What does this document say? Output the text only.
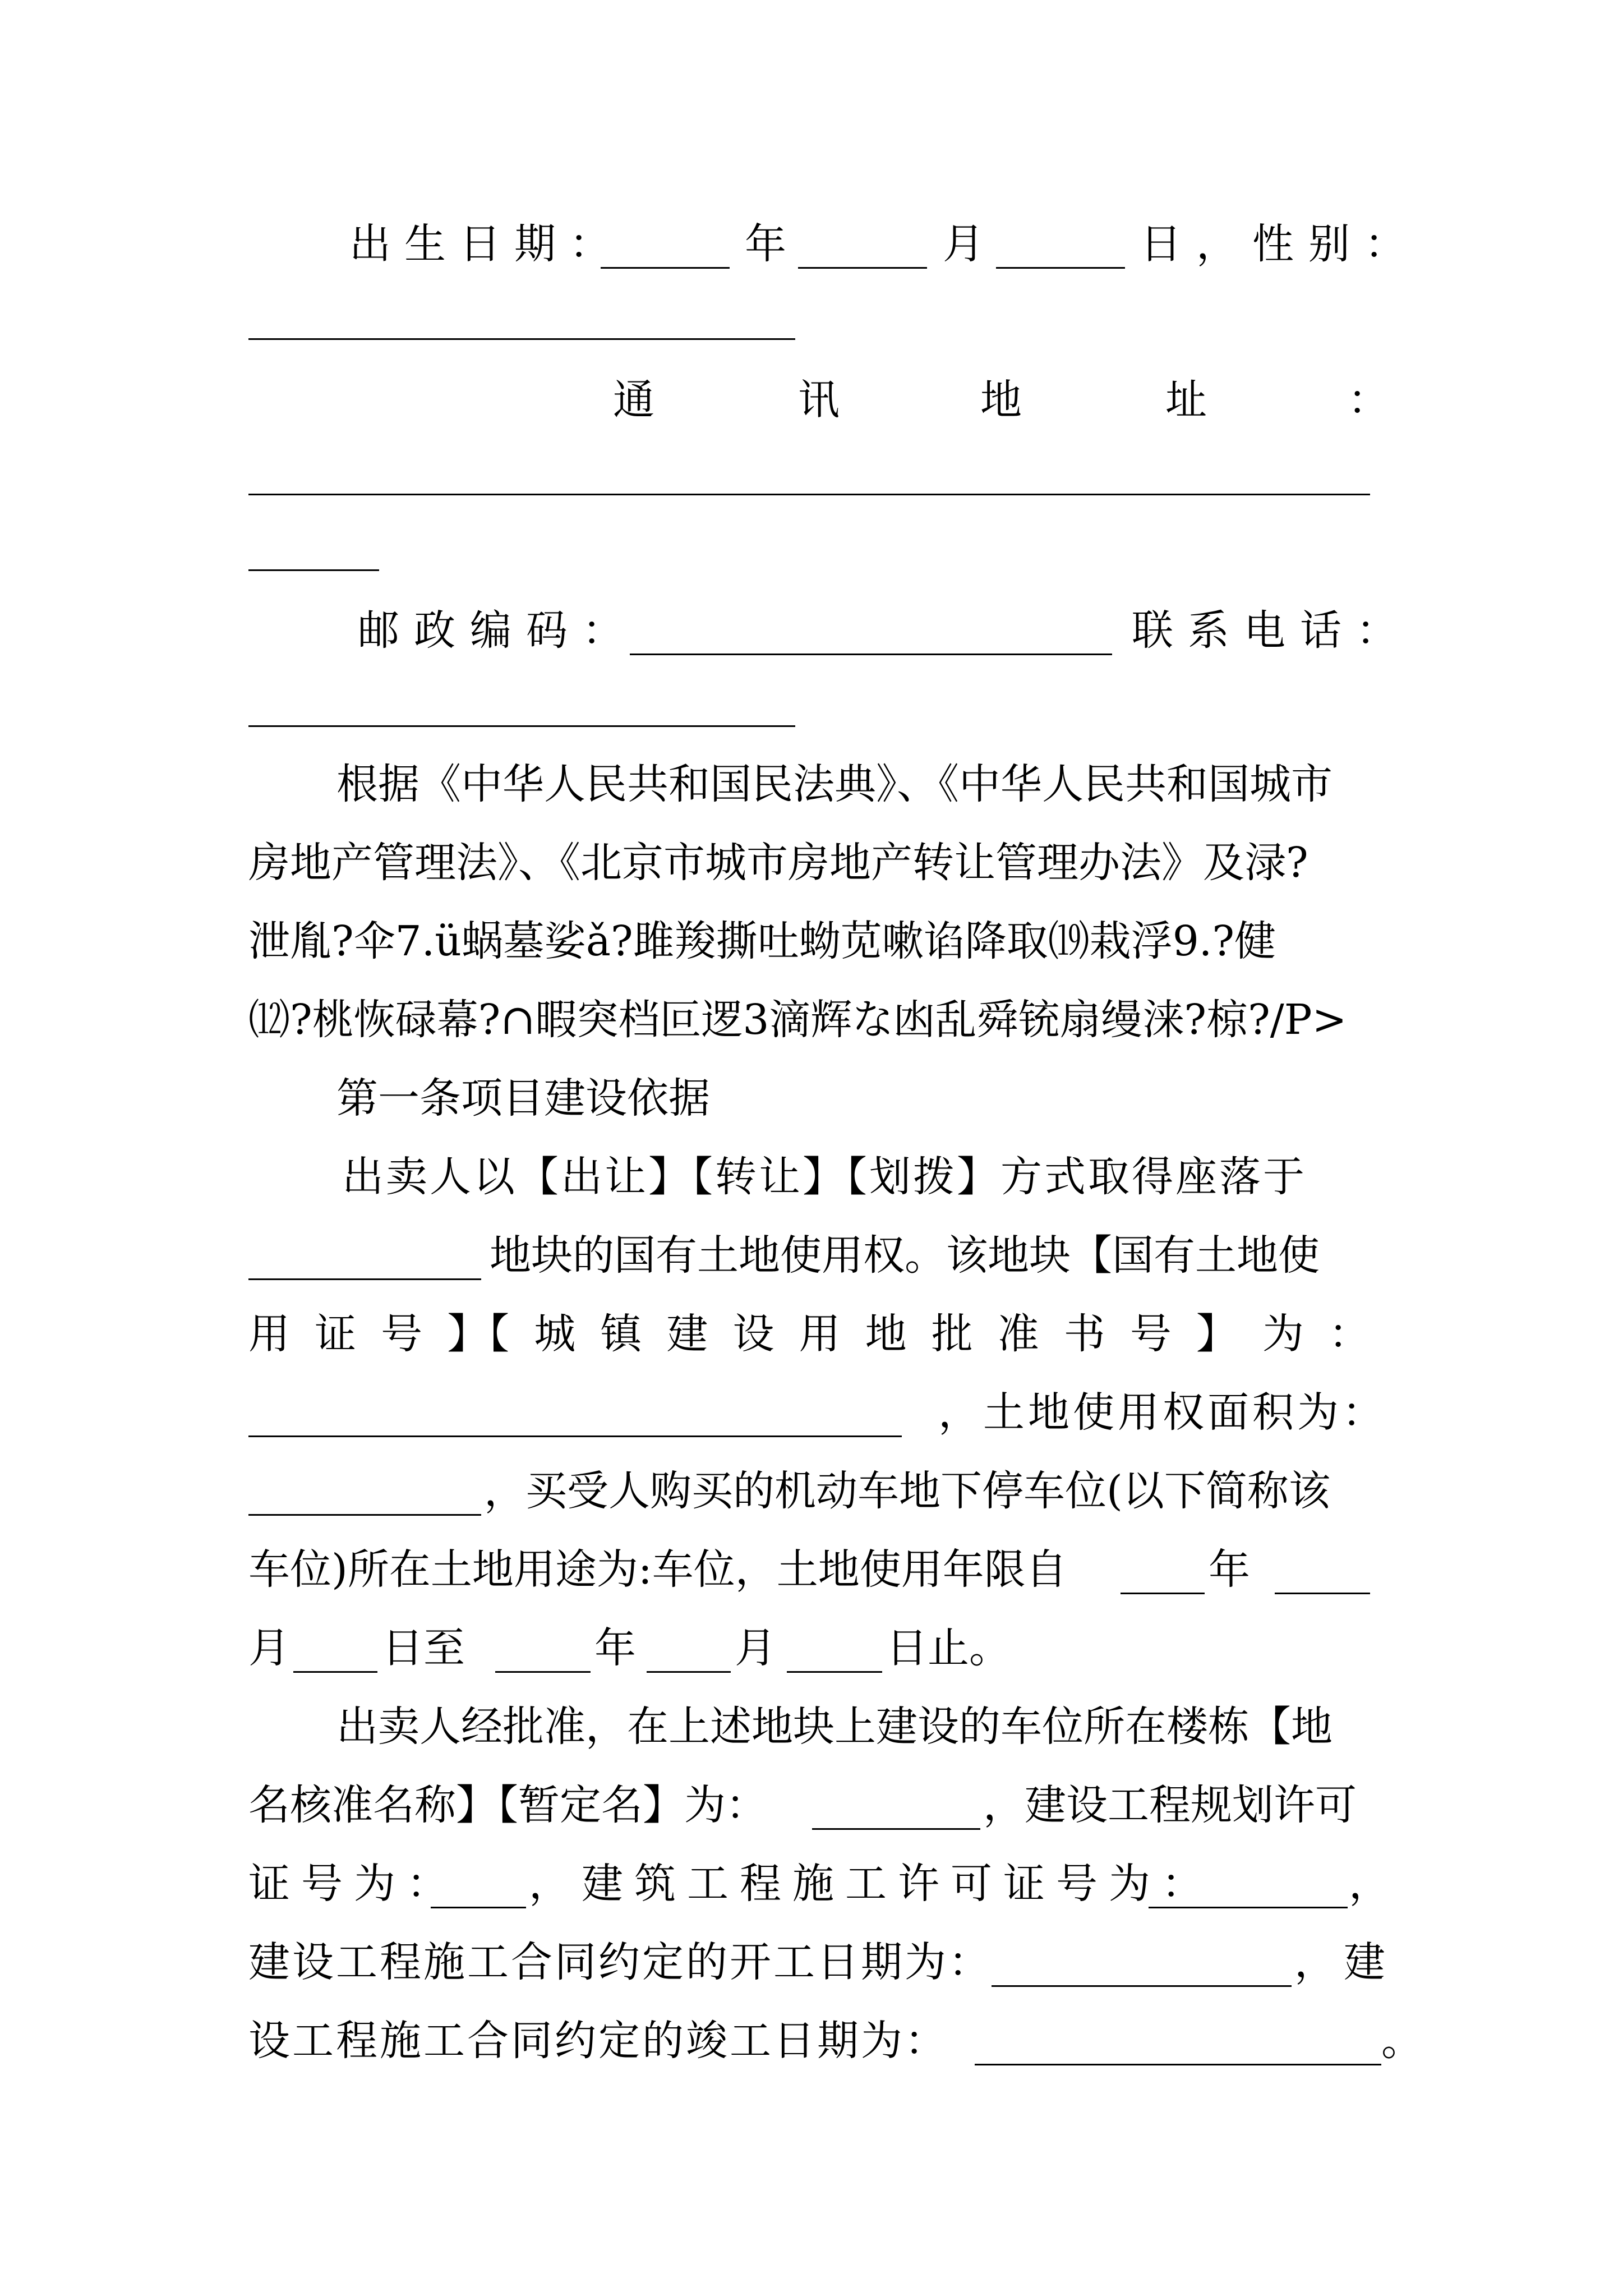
出生日期：	年	月	日，性别：
通	讯	地	址	：
邮政编码：	联系电话：
根据《中华人民共和国民法典》、《中华人民共和国城市
房地产管理法》、《北京市城市房地产转让管理办法》及渌?
泄胤?伞7.ü蜗墓娑ǎ?雎羧撕吐蚴苋嗽谄降取⒆栽浮9.?健
⑿?桃恢碌幕?∩暇突档叵逻3滴辉な凼乱舜铳扇缦涞?椋?/P>
第一条项目建设依据
出卖人以【出让】【转让】【划拨】方式取得座落于
地块的国有土地使用权。该地块【国有土地使
用 证 号 】【 城 镇 建 设 用 地 批 准 书 号 】 为 ：
，土地使用权面积为：
，买受人购买的机动车地下停车位(以下简称该
车位)所在土地用途为:车位，土地使用年限自	年
月 日至	年 月	日止。
出卖人经批准，在上述地块上建设的车位所在楼栋【地
名核准名称】【暂定名】为：	，建设工程规划许可
证号为： ，建筑工程施工许可证号为：	，
建设工程施工合同约定的开工日期为：	，建
设工程施工合同约定的竣工日期为：	。
